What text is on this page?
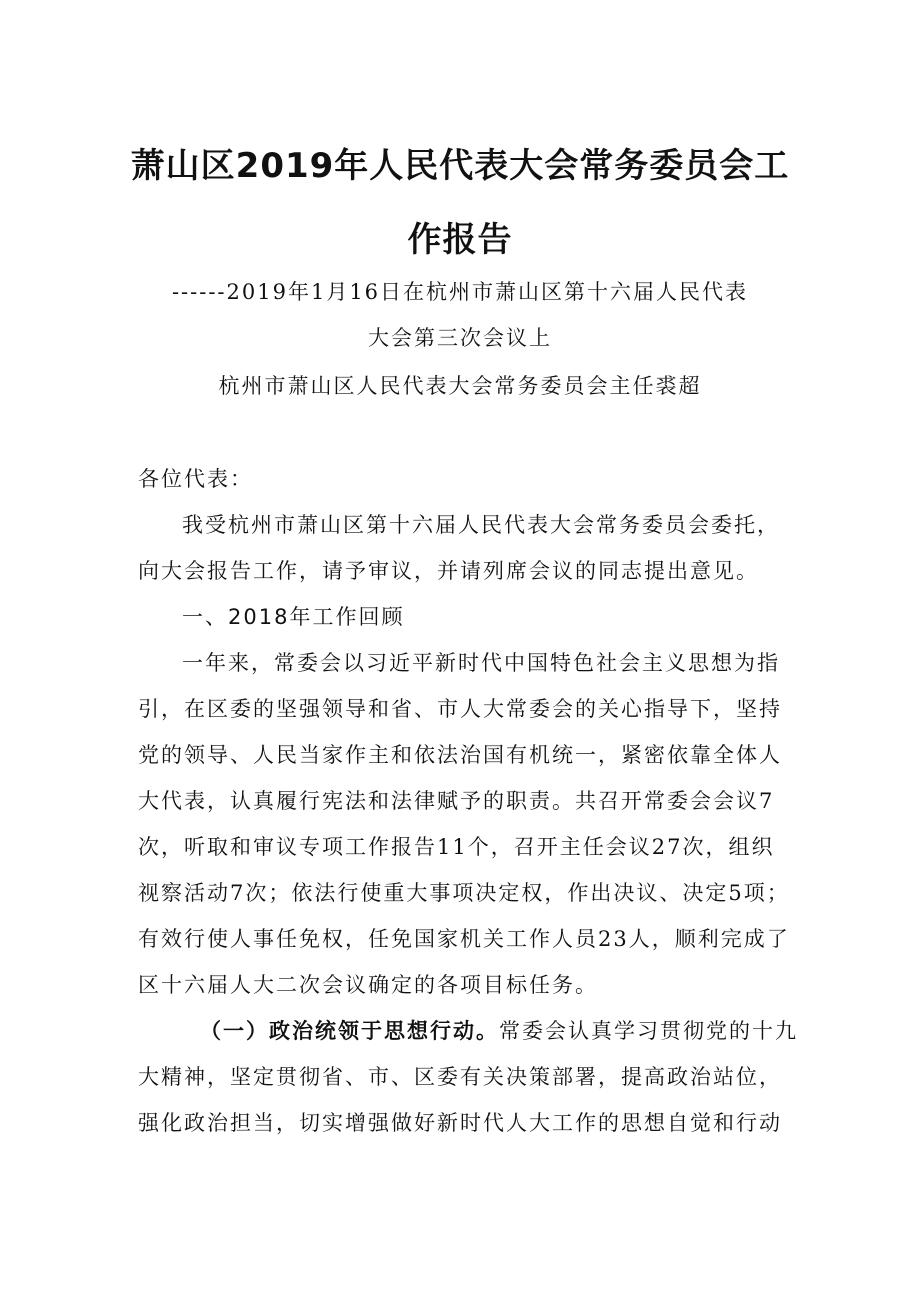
萧山区2019年人民代表大会常务委员会工
作报告
------2019年1月16日在杭州市萧山区第十六届人民代表
大会第三次会议上
杭州市萧山区人民代表大会常务委员会主任裘超
各位代表：
我受杭州市萧山区第十六届人民代表大会常务委员会委托，
向大会报告工作，请予审议，并请列席会议的同志提出意见。
一、2018年工作回顾
一年来，常委会以习近平新时代中国特色社会主义思想为指
引，在区委的坚强领导和省、市人大常委会的关心指导下，坚持
党的领导、人民当家作主和依法治国有机统一，紧密依靠全体人
大代表，认真履行宪法和法律赋予的职责。共召开常委会会议7
次，听取和审议专项工作报告11个，召开主任会议27次，组织
视察活动7次；依法行使重大事项决定权，作出决议、决定5项；
有效行使人事任免权，任免国家机关工作人员23人，顺利完成了
区十六届人大二次会议确定的各项目标任务。
（一）政治统领于思想行动。常委会认真学习贯彻党的十九
大精神，坚定贯彻省、市、区委有关决策部署，提高政治站位，
强化政治担当，切实增强做好新时代人大工作的思想自觉和行动
